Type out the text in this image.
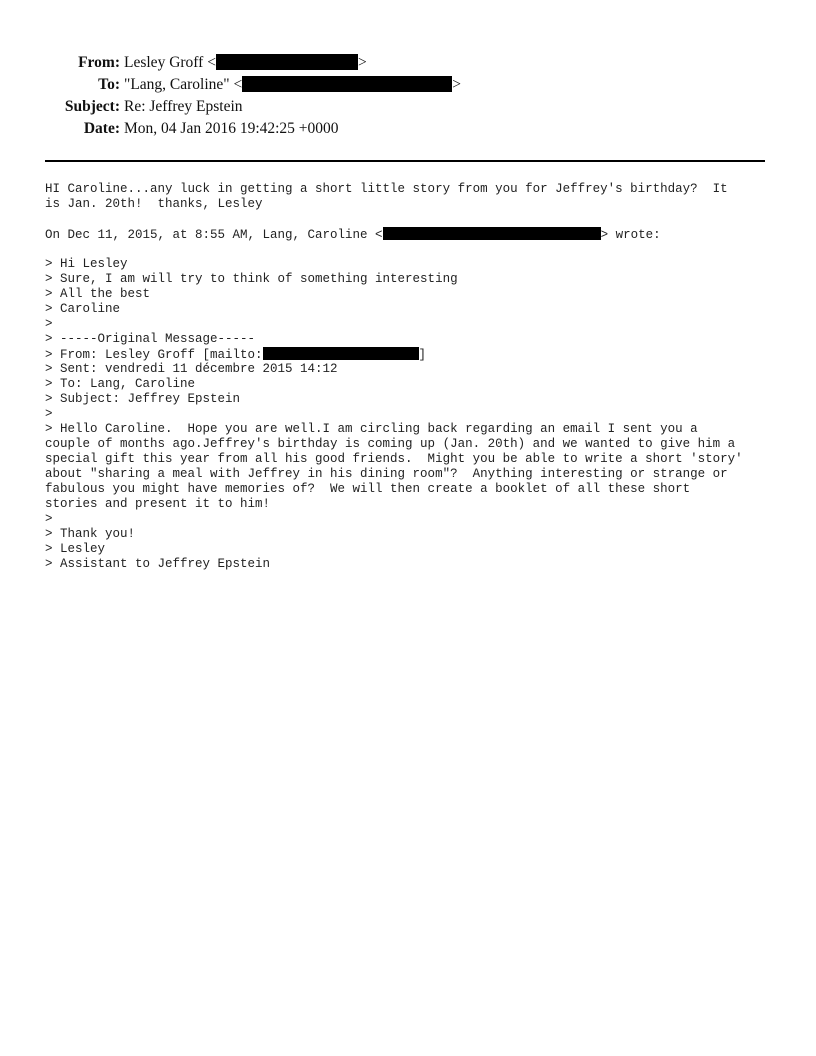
From: Lesley Groff <	>
To: "Lang, Caroline" <	>
Subject: Re: Jeffrey Epstein
Date: Mon, 04 Jan 2016 19:42:25 +0000
HI Caroline...any luck in getting a short little story from you for Jeffrey's birthday?  It
is Jan. 20th!  thanks, Lesley
On Dec 11, 2015, at 8:55 AM, Lang, Caroline <	> wrote:
> Hi Lesley
> Sure, I am will try to think of something interesting
> All the best
> Caroline
>
> -----Original Message-----
> From: Lesley Groff [mailto:	]
> Sent: vendredi 11 décembre 2015 14:12
> To: Lang, Caroline
> Subject: Jeffrey Epstein
>
> Hello Caroline.  Hope you are well.I am circling back regarding an email I sent you a
couple of months ago.Jeffrey's birthday is coming up (Jan. 20th) and we wanted to give him a
special gift this year from all his good friends.  Might you be able to write a short 'story'
about "sharing a meal with Jeffrey in his dining room"?  Anything interesting or strange or
fabulous you might have memories of?  We will then create a booklet of all these short
stories and present it to him!
>
> Thank you!
> Lesley
> Assistant to Jeffrey Epstein
